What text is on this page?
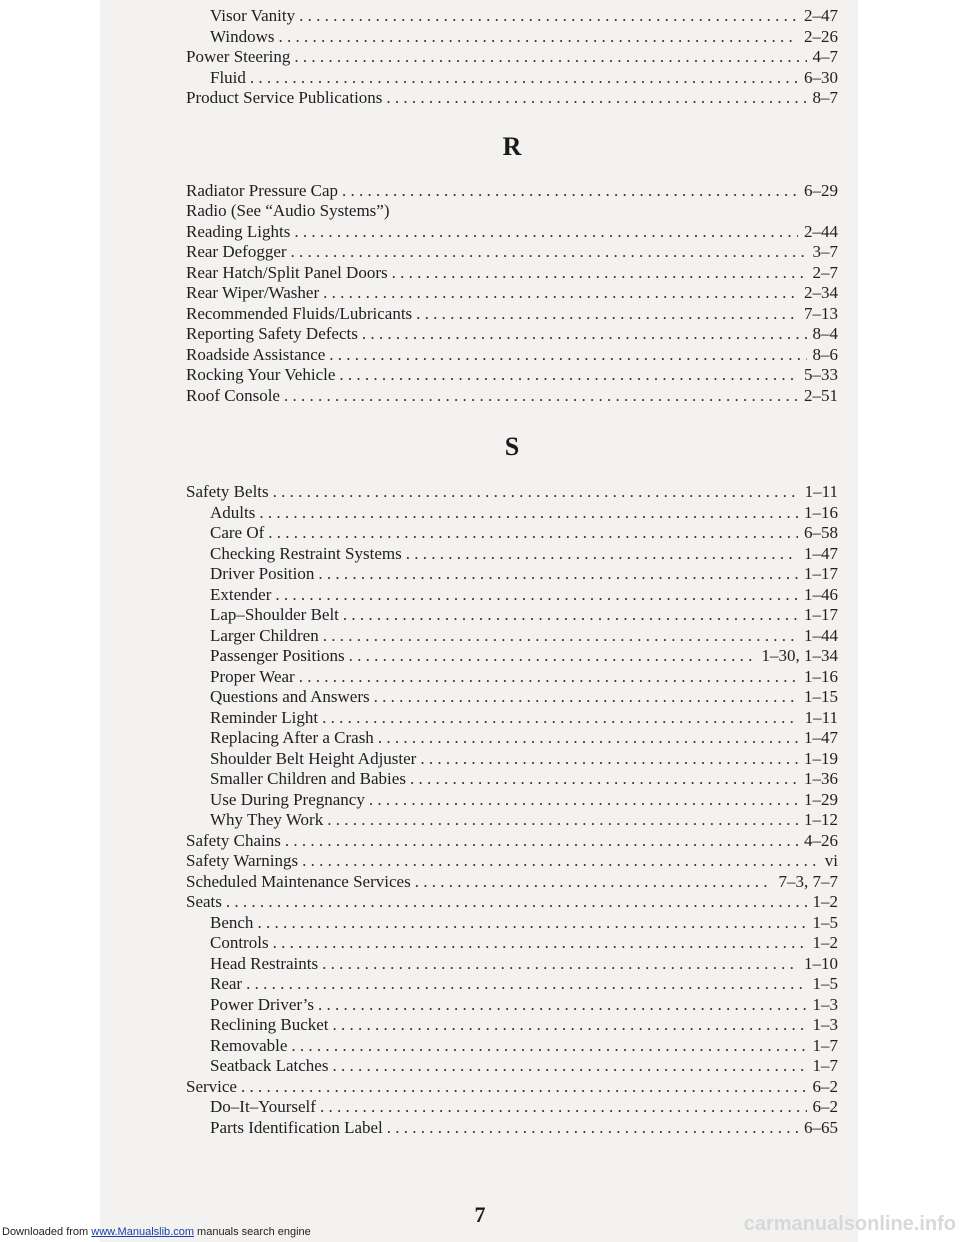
Visor Vanity . . .	2–47
Windows . . .	2–26
Power Steering . . .	4–7
Fluid . . .	6–30
Product Service Publications . . .	8–7
R
Radiator Pressure Cap . . .	6–29
Radio (See “Audio Systems”)
Reading Lights . . .	2–44
Rear Defogger . . .	3–7
Rear Hatch/Split Panel Doors . . .	2–7
Rear Wiper/Washer . . .	2–34
Recommended Fluids/Lubricants . . .	7–13
Reporting Safety Defects . . .	8–4
Roadside Assistance . . .	8–6
Rocking Your Vehicle . . .	5–33
Roof Console . . .	2–51
S
Safety Belts . . .	1–11
Adults . . .	1–16
Care Of . . .	6–58
Checking Restraint Systems . . .	1–47
Driver Position . . .	1–17
Extender . . .	1–46
Lap–Shoulder Belt . . .	1–17
Larger Children . . .	1–44
Passenger Positions . . .	1–30, 1–34
Proper Wear . . .	1–16
Questions and Answers . . .	1–15
Reminder Light . . .	1–11
Replacing After a Crash . . .	1–47
Shoulder Belt Height Adjuster . . .	1–19
Smaller Children and Babies . . .	1–36
Use During Pregnancy . . .	1–29
Why They Work . . .	1–12
Safety Chains . . .	4–26
Safety Warnings . . .	vi
Scheduled Maintenance Services . . .	7–3, 7–7
Seats . . .	1–2
Bench . . .	1–5
Controls . . .	1–2
Head Restraints . . .	1–10
Rear . . .	1–5
Power Driver’s . . .	1–3
Reclining Bucket . . .	1–3
Removable . . .	1–7
Seatback Latches . . .	1–7
Service . . .	6–2
Do–It–Yourself . . .	6–2
Parts Identification Label . . .	6–65
7
Downloaded from www.Manualslib.com manuals search engine	carmanualsonline.info
